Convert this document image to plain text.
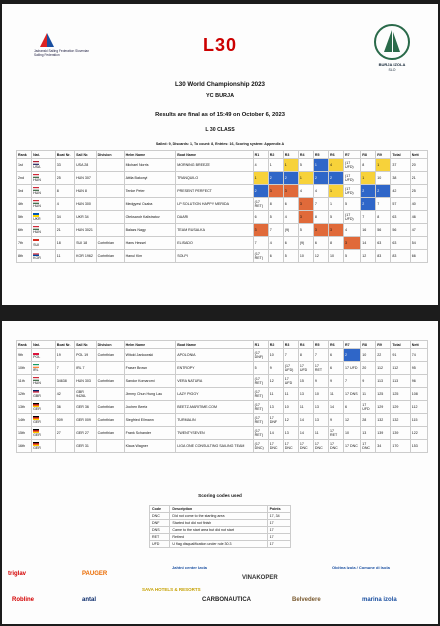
Jadranski Sailing Federation Slovenian Sailing Federation	L30
BURJA IZOLA
SLO
L30 World Championship 2023
YC BURJA
Results are final as of 15:49 on October 6, 2023
L 30 CLASS
Sailed: 9, Discards: 1, To count: 8, Entries: 16, Scoring system: Appendix A
Rank	Nat.	Boat Nr.	Sail Nr.	Division	Helm Name	Boat Name	R1	R2	R3	R4	R5	R6	R7	R8	R9	Total	Nett
1st	USA	33	USA 28		Michael Norris	MORNING BREEZE	4	1	1	5	1	4	(17 UFD)	8	1	37	20
2nd	HUN	25	HUN 307		Attila Bakonyi	TRANQUILO	1	2	2	1	2	2	(17 UFD)	1	10	38	21
3rd	HUN	8	HUN 8		Tenke Peter	PRESENT PERFECT	2	3	3	4	4	1	(17 UFD)	2	2	42	25
4th	HUN	4	HUN 300		Medgyesi Csaba	LP SOLUTION HAPPY MERIDA	(17 RET)	8	6	3	7	1	5	2	7	57	40
5th	UKR	34	UKR 34		Oleksandr Kalistratov	DAARI	6	5	4	3	8	5	(17 UFD)	7	8	63	46
6th	HUN	21	HUN 3021		Balazs Nagy	TEAM RUSALKA	3	7	(9)	5	3	3	4	16	56	56	47
7th	SUI	18	SUI 18	Corinthian	Hans Hessel	ELISADO	7	4	6	(9)	6	8	3	14	63	63	54
8th	KOR	11	KOR 1962	Corinthian	Hanul Kim	SOLPI	(17 RET)	6	5	10	12	10	5	12	83	83	66
Rank	Nat.	Boat Nr.	Sail Nr.	Division	Helm Name	Boat Name	R1	R2	R3	R4	R5	R6	R7	R8	R9	Total	Nett
9th	POL	19	POL 19	Corinthian	Witold Jankowski	APOLONIA	(17 DNF)	10	7	8	7	6	2	10	22	91	74
10th	IRL	7	IRL 7		Fraser Brown	ENTROPY	5	9	(17 UFD)	17 UFD	17 RET	6	17 UFD	20	112	112	95
11th	HUN	34638	HUN 303	Corinthian	Sandor Komaromi	VERA NATURA	(17 RET)	12	17 UFD	15	9	9	7	9	113	113	96
12th	GBR	42	GBR 9426L		Jimmy Chun Hung Lau	LAZY PIGGY	(17 RET)	11	11	13	10	11	17 DNS	11	125	125	108
13th	GER	36	GER 36	Corinthian	Jochen Beetz	BEETZ-MARITIME.COM	(17 RET)	13	10	11	13	14	6	17 UFD	129	129	112
14th	GER	009	GER 009	Corinthian	Siegfried Ellmann	TURMALIN	(17 RET)	17 DNF	12	14	13	9	12	28	132	132	115
15th	GER	27	GER 27	Corinthian	Frank Schander	TWENTYSEVEN	(17 RET)	14	13	14	11	17 RET	10	13	139	139	122
16th	GER		GER 31		Klaus Wagner	LIGA ONE CONSULTING SAILING TEAM	(17 DNC)	17 DNC	17 DNC	17 DNC	17 DNC	17 DNC	17 DNC	17 DNC	34	170	153
Scoring codes used
Code	Description	Points
DNC	Did not come to the starting area	17, 34
DNF	Started but did not finish	17
DNS	Came to the start area but did not start	17
RET	Retired	17
UFD	U flag disqualification under rule 30.3	17
triglav	PAUGER
Jahtni center Izola
VINAKOPER
Občina Izola / Comune di Isola
SAVA HOTELS & RESORTS
Robline	antal	CARBONAUTICA	Belvedere	marina izola
